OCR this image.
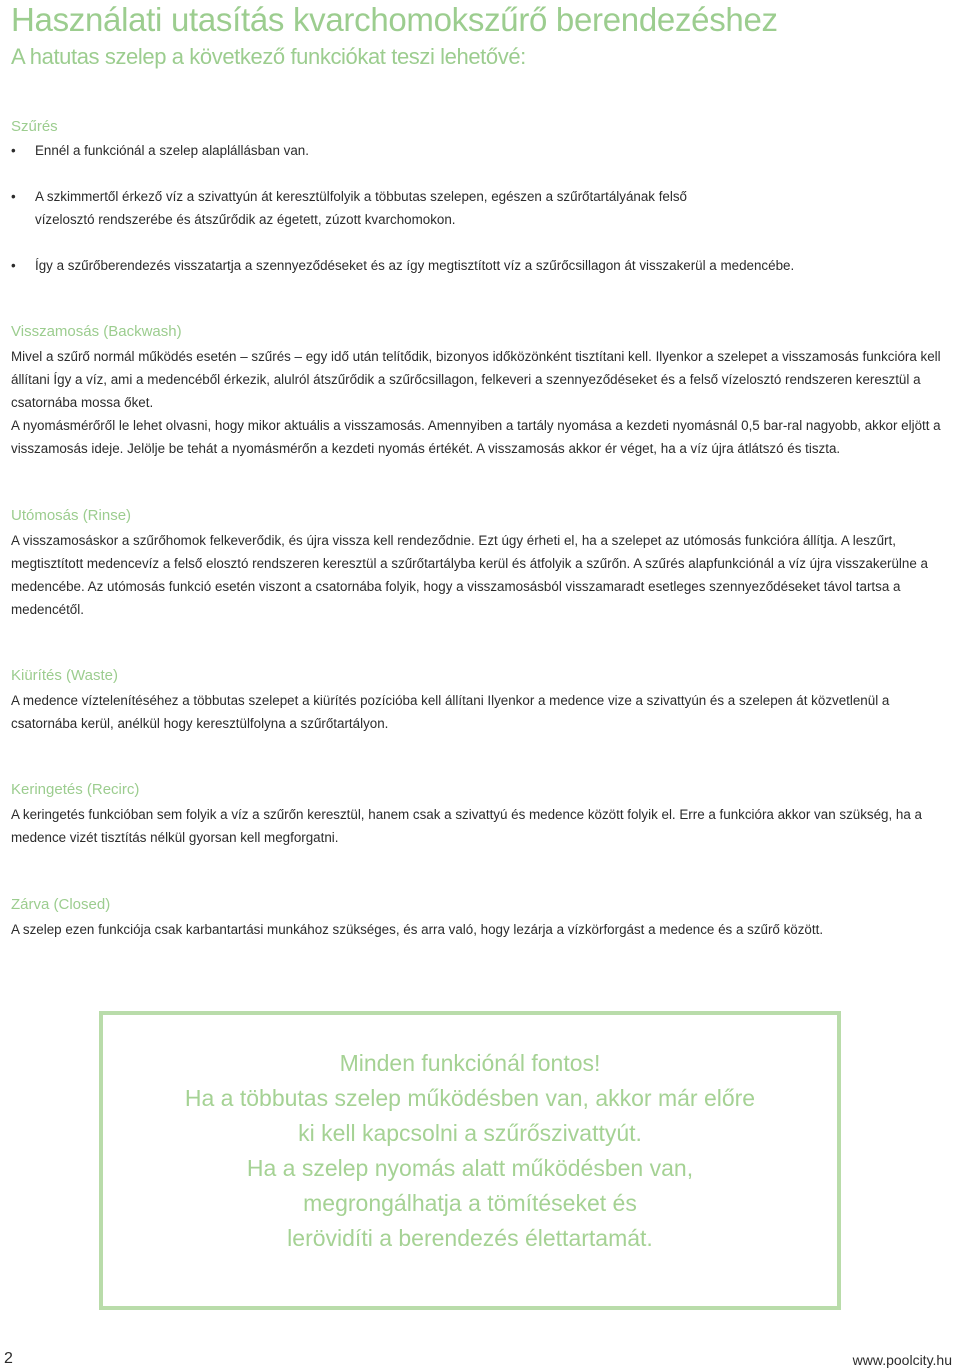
Használati utasítás kvarchomokszűrő berendezéshez
A hatutas szelep a következő funkciókat teszi lehetővé:
Szűrés
• Ennél a funkciónál a szelep alaplállásban van.
• A szkimmertől érkező víz a szivattyún át keresztülfolyik a többutas szelepen, egészen a szűrőtartályának felső vízelosztó rendszerébe és átszűrődik az égetett, zúzott kvarchomokon.
• Így a szűrőberendezés visszatartja a szennyeződéseket és az így megtisztított víz a szűrőcsillagon át visszakerül a medencébe.
Visszamosás (Backwash)
Mivel a szűrő normál működés esetén – szűrés – egy idő után telítődik, bizonyos időközönként tisztítani kell. Ilyenkor a szelepet a visszamosás funkcióra kell állítani Így a víz, ami a medencéből érkezik, alulról átszűrődik a szűrőcsillagon, felkeveri a szennyeződéseket és a felső vízelosztó rendszeren keresztül a csatornába mossa őket.
A nyomásmérőről le lehet olvasni, hogy mikor aktuális a visszamosás. Amennyiben a tartály nyomása a kezdeti nyomásnál 0,5 bar-ral nagyobb, akkor eljött a visszamosás ideje. Jelölje be tehát a nyomásmérőn a kezdeti nyomás értékét. A visszamosás akkor ér véget, ha a víz újra átlátszó és tiszta.
Utómosás (Rinse)
A visszamosáskor a szűrőhomok felkeverődik, és újra vissza kell rendeződnie. Ezt úgy érheti el, ha a szelepet az utómosás funkcióra állítja. A leszűrt, megtisztított medencevíz a felső elosztó rendszeren keresztül a szűrőtartályba kerül és átfolyik a szűrőn. A szűrés alapfunkciónál a víz újra visszakerülne a medencébe. Az utómosás funkció esetén viszont a csatornába folyik, hogy a visszamosásból visszamaradt esetleges szennyeződéseket távol tartsa a medencétől.
Kiürítés (Waste)
A medence víztelenítéséhez a többutas szelepet a kiürítés pozícióba kell állítani Ilyenkor a medence vize a szivattyún és a szelepen át közvetlenül a csatornába kerül, anélkül hogy keresztülfolyna a szűrőtartályon.
Keringetés (Recirc)
A keringetés funkcióban sem folyik a víz a szűrőn keresztül, hanem csak a szivattyú és medence között folyik el. Erre a funkcióra akkor van szükség, ha a medence vizét tisztítás nélkül gyorsan kell megforgatni.
Zárva (Closed)
A szelep ezen funkciója csak karbantartási munkához szükséges, és arra való, hogy lezárja a vízkörforgást a medence és a szűrő között.
Minden funkciónál fontos!
Ha a többutas szelep működésben van, akkor már előre
ki kell kapcsolni a szűrőszivattyút.
Ha a szelep nyomás alatt működésben van,
megrongálhatja a tömítéseket és
lerövidíti a berendezés élettartamát.
2	www.poolcity.hu
